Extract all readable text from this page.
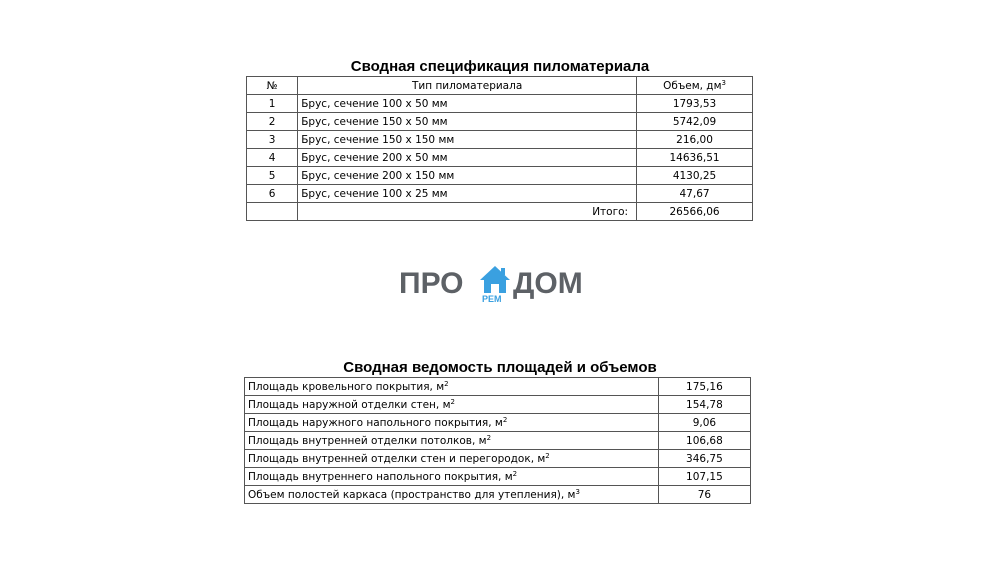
Сводная спецификация пиломатериала
№	Тип пиломатериала	Объем, $дм^3$
1	Брус, сечение 100 х 50 мм	1793,53
2	Брус, сечение 150 х 50 мм	5742,09
3	Брус, сечение 150 х 150 мм	216,00
4	Брус, сечение 200 х 50 мм	14636,51
5	Брус, сечение 200 х 150 мм	4130,25
6	Брус, сечение 100 х 25 мм	47,67
	Итого:	26566,06
ПРО РЕМ ДОМ
Сводная ведомость площадей и объемов
Площадь кровельного покрытия, $м^2$	175,16
Площадь наружной отделки стен, $м^2$	154,78
Площадь наружного напольного покрытия, $м^2$	9,06
Площадь внутренней отделки потолков, $м^2$	106,68
Площадь внутренней отделки стен и перегородок, $м^2$	346,75
Площадь внутреннего напольного покрытия, $м^2$	107,15
Объем полостей каркаса (пространство для утепления), $м^3$	76
